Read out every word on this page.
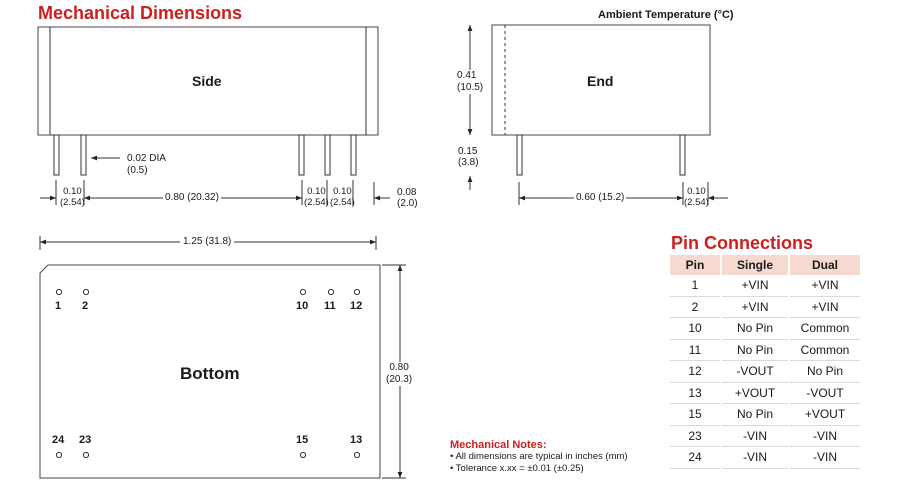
Mechanical Dimensions	Ambient Temperature (°C)
Pin Connections
Side	End
Bottom
0.02 DIA
(0.5)
0.10
(2.54)	0.80 (20.32)
0.10
(2.54)
0.10
(2.54)
0.08
(2.0)
0.41
(10.5)
0.15
(3.8)
0.60 (15.2)
0.10
(2.54)
1.25 (31.8)
0.80
(20.3)
1 2	10 11 12
24 23	15	13
Pin	Single	Dual
1	+VIN	+VIN
2	+VIN	+VIN
10	No Pin	Common
11	No Pin	Common
12	-VOUT	No Pin
13	+VOUT	-VOUT
15	No Pin	+VOUT
23	-VIN	-VIN
24	-VIN	-VIN
Mechanical Notes:
• All dimensions are typical in inches (mm)
• Tolerance x.xx = ±0.01 (±0.25)
